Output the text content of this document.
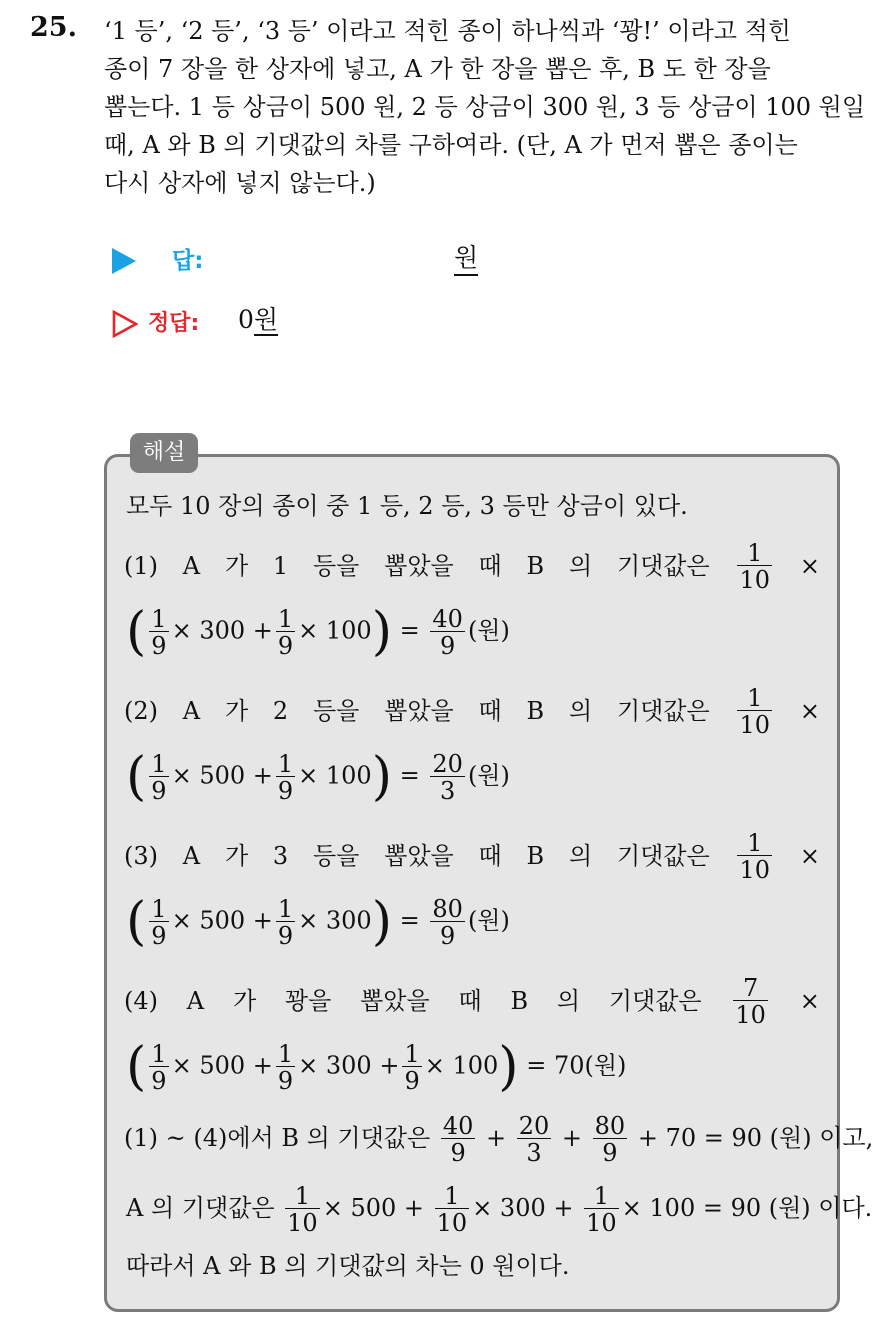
25. ‘1 등’, ‘2 등’, ‘3 등’ 이라고 적힌 종이 하나씩과 ‘꽝!’ 이라고 적힌
종이 7 장을 한 상자에 넣고, A 가 한 장을 뽑은 후, B 도 한 장을
뽑는다. 1 등 상금이 500 원, 2 등 상금이 300 원, 3 등 상금이 100 원일
때, A 와 B 의 기댓값의 차를 구하여라. (단, A 가 먼저 뽑은 종이는
다시 상자에 넣지 않는다.)
답:	원
정답: 0원
해설
모두 10 장의 종이 중 1 등, 2 등, 3 등만 상금이 있다.
(1) A 가 1 등을 뽑았을 때 B 의 기댓값은 $\frac{1}{10}$ ×
( $\frac{1}{9} \times 300 + \frac{1}{9} \times 100) = \frac{40}{9}$ (원)
(2) A 가 2 등을 뽑았을 때 B 의 기댓값은 $\frac{1}{10}$ ×
( $\frac{1}{9} \times 500 + \frac{1}{9} \times 100) = \frac{20}{3}$ (원)
(3) A 가 3 등을 뽑았을 때 B 의 기댓값은 $\frac{1}{10}$ ×
( $\frac{1}{9} \times 500 + \frac{1}{9} \times 300) = \frac{80}{9}$ (원)
(4) A 가 꽝을 뽑았을 때 B 의 기댓값은 $\frac{7}{10}$ ×
( $\frac{1}{9} \times 500 + \frac{1}{9} \times 300 + \frac{1}{9} \times 100) = 70$(원)
(1) ~ (4)에서 B 의 기댓값은 $\frac{40}{9} + \frac{20}{3} + \frac{80}{9} + 70 = 90$ (원) 이고,
A 의 기댓값은 $\frac{1}{10} \times 500 + \frac{1}{10} \times 300 + \frac{1}{10} \times 100 = 90$ (원) 이다.
따라서 A 와 B 의 기댓값의 차는 0 원이다.
